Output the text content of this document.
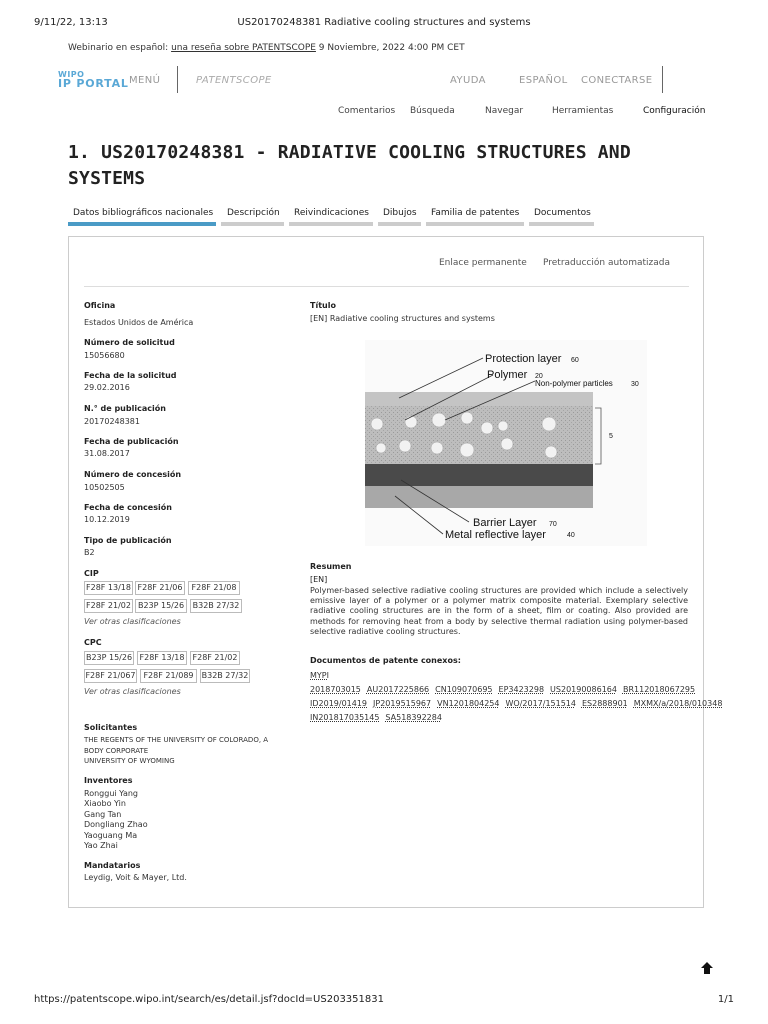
9/11/22, 13:13	US20170248381 Radiative cooling structures and systems
Webinario en español: una reseña sobre PATENTSCOPE 9 Noviembre, 2022 4:00 PM CET
WIPO
IP PORTAL MENÚ	PATENTSCOPE	AYUDA	ESPAÑOL CONECTARSE
Comentarios Búsqueda	Navegar	Herramientas	Configuración
1. US20170248381 - RADIATIVE COOLING STRUCTURES AND SYSTEMS
Datos bibliográficos nacionales Descripción Reivindicaciones Dibujos Familia de patentes Documentos
Enlace permanente Pretraducción automatizada
Oficina
Estados Unidos de América
Número de solicitud
15056680
Fecha de la solicitud
29.02.2016
N.° de publicación
20170248381
Fecha de publicación
31.08.2017
Número de concesión
10502505
Fecha de concesión
10.12.2019
Tipo de publicación
B2
CIP
F28F 13/18 F28F 21/06	F28F 21/08
F28F 21/02 B23P 15/26	B32B 27/32
Ver otras clasificaciones
CPC
B23P 15/26 F28F 13/18	F28F 21/02
F28F 21/067 F28F 21/089	B32B 27/32
Ver otras clasificaciones
Solicitantes
THE REGENTS OF THE UNIVERSITY OF COLORADO, A
BODY CORPORATE
UNIVERSITY OF WYOMING
Inventores
Ronggui Yang
Xiaobo Yin
Gang Tan
Dongliang Zhao
Yaoguang Ma
Yao Zhai
Mandatarios
Leydig, Voit & Mayer, Ltd.
Título
[EN] Radiative cooling structures and systems
Protection layer 60
Polymer 20
Non-polymer particles	30
5
Barrier Layer 70
Metal reflective layer	40
Resumen
[EN]
Polymer-based selective radiative cooling structures are provided which include a selectively emissive layer of a polymer or a polymer matrix composite material. Exemplary selective radiative cooling structures are in the form of a sheet, film or coating. Also provided are methods for removing heat from a body by selective thermal radiation using polymer-based selective radiative cooling structures.
Documentos de patente conexos:
MYPI 2018703015 AU2017225866 CN109070695 EP3423298 US20190086164 BR112018067295 ID2019/01419 JP2019515967 VN1201804254 WO/2017/151514 ES2888901 MXMX/a/2018/010348 IN201817035145 SA518392284
https://patentscope.wipo.int/search/es/detail.jsf?docId=US203351831	1/1
